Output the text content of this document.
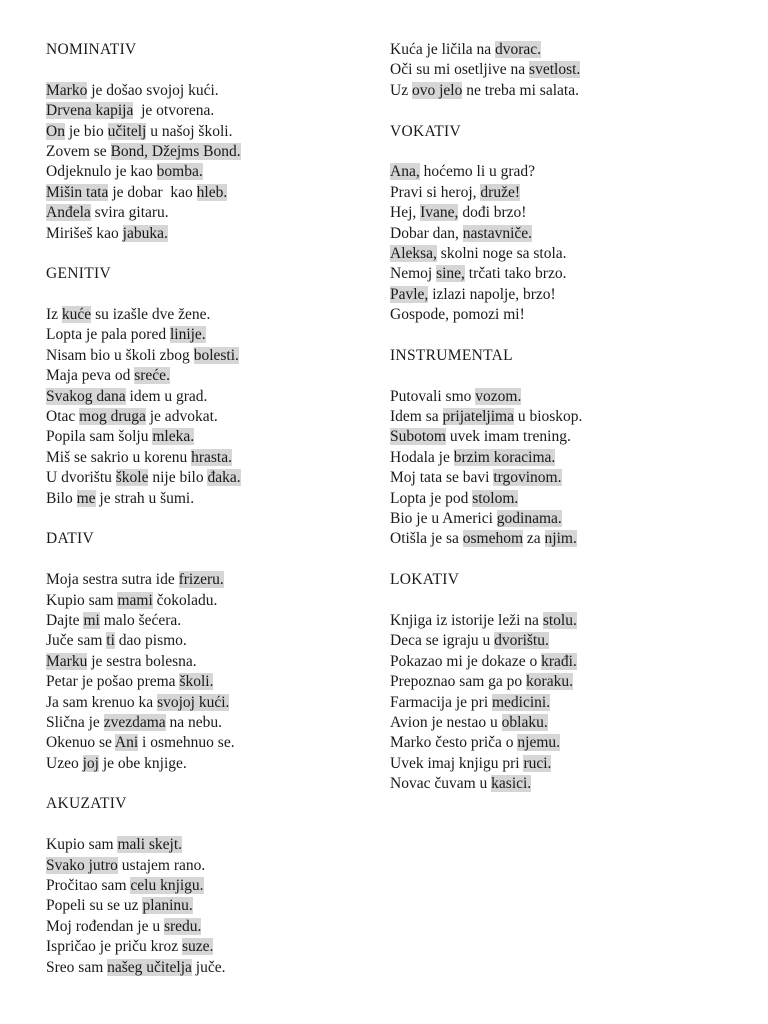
NOMINATIV
Marko je došao svojoj kući.
Drvena kapija  je otvorena.
On je bio učitelj u našoj školi.
Zovem se Bond, Džejms Bond.
Odjeknulo je kao bomba.
Mišin tata je dobar  kao hleb.
Anđela svira gitaru.
Mirišeš kao jabuka.
GENITIV
Iz kuće su izašle dve žene.
Lopta je pala pored linije.
Nisam bio u školi zbog bolesti.
Maja peva od sreće.
Svakog dana idem u grad.
Otac mog druga je advokat.
Popila sam šolju mleka.
Miš se sakrio u korenu hrasta.
U dvorištu škole nije bilo đaka.
Bilo me je strah u šumi.
DATIV
Moja sestra sutra ide frizeru.
Kupio sam mami čokoladu.
Dajte mi malo šećera.
Juče sam ti dao pismo.
Marku je sestra bolesna.
Petar je pošao prema školi.
Ja sam krenuo ka svojoj kući.
Slična je zvezdama na nebu.
Okenuo se Ani i osmehnuo se.
Uzeo joj je obe knjige.
AKUZATIV
Kupio sam mali skejt.
Svako jutro ustajem rano.
Pročitao sam celu knjigu.
Popeli su se uz planinu.
Moj rođendan je u sredu.
Ispričao je priču kroz suze.
Sreo sam našeg učitelja juče.
Kuća je ličila na dvorac.
Oči su mi osetljive na svetlost.
Uz ovo jelo ne treba mi salata.
VOKATIV
Ana, hoćemo li u grad?
Pravi si heroj, druže!
Hej, Ivane, dođi brzo!
Dobar dan, nastavniče.
Aleksa, skolni noge sa stola.
Nemoj sine, trčati tako brzo.
Pavle, izlazi napolje, brzo!
Gospode, pomozi mi!
INSTRUMENTAL
Putovali smo vozom.
Idem sa prijateljima u bioskop.
Subotom uvek imam trening.
Hodala je brzim koracima.
Moj tata se bavi trgovinom.
Lopta je pod stolom.
Bio je u Americi godinama.
Otišla je sa osmehom za njim.
LOKATIV
Knjiga iz istorije leži na stolu.
Deca se igraju u dvorištu.
Pokazao mi je dokaze o krađi.
Prepoznao sam ga po koraku.
Farmacija je pri medicini.
Avion je nestao u oblaku.
Marko često priča o njemu.
Uvek imaj knjigu pri ruci.
Novac čuvam u kasici.
